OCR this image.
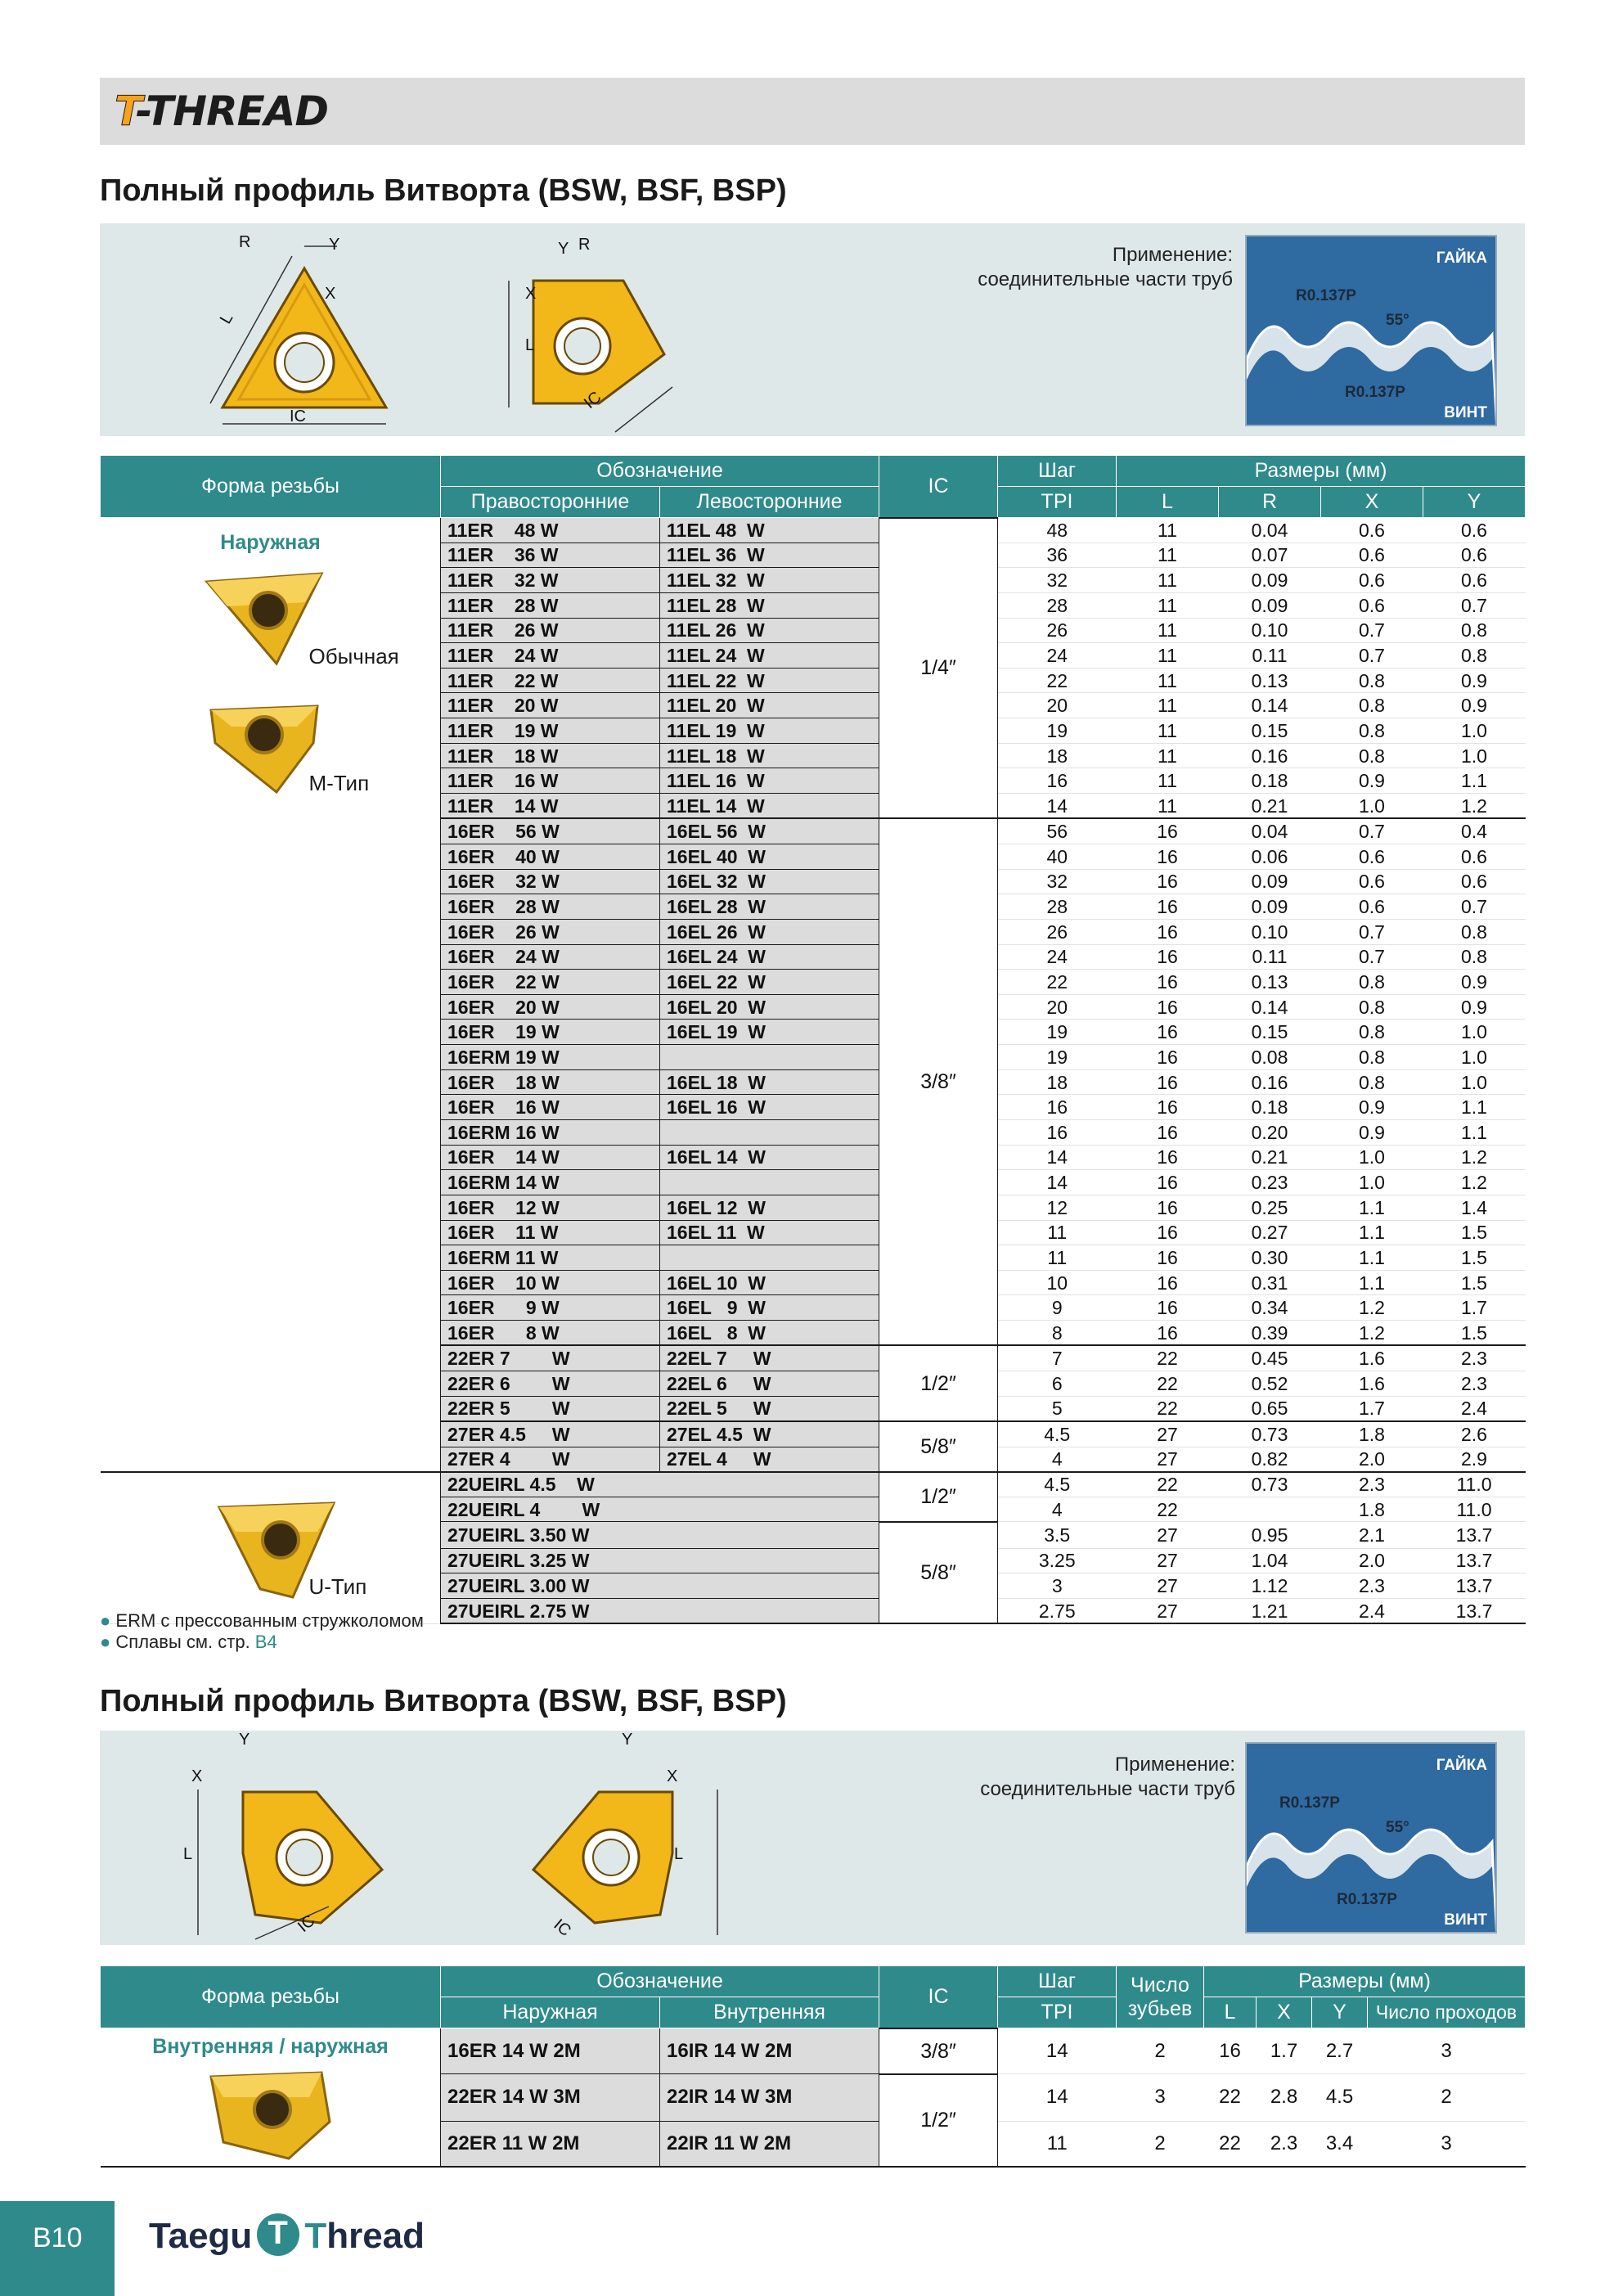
T-THREAD
Полный профиль Витворта (BSW, BSF, BSP)
R	Y
X
L
IC
L
X
Y R
IC
Применение:
соединительные части труб
ГАЙКА
R0.137P
55°
R0.137P
ВИНТ
Форма резьбы	Обозначение		IC	Шаг	Размеры (мм)			
	Правосторонние	Левосторонние		TPI	L	R	X	Y

Наружная
Обычная
M-Тип	11ER    48 W	11EL 48  W	1/4″	48	11	0.04	0.6	0.6
	11ER    36 W	11EL 36  W		36	11	0.07	0.6	0.6
	11ER    32 W	11EL 32  W		32	11	0.09	0.6	0.6
	11ER    28 W	11EL 28  W		28	11	0.09	0.6	0.7
	11ER    26 W	11EL 26  W		26	11	0.10	0.7	0.8
	11ER    24 W	11EL 24  W		24	11	0.11	0.7	0.8
	11ER    22 W	11EL 22  W		22	11	0.13	0.8	0.9
	11ER    20 W	11EL 20  W		20	11	0.14	0.8	0.9
	11ER    19 W	11EL 19  W		19	11	0.15	0.8	1.0
	11ER    18 W	11EL 18  W		18	11	0.16	0.8	1.0
	11ER    16 W	11EL 16  W		16	11	0.18	0.9	1.1
	11ER    14 W	11EL 14  W		14	11	0.21	1.0	1.2
	16ER    56 W	16EL 56  W	3/8″	56	16	0.04	0.7	0.4
	16ER    40 W	16EL 40  W		40	16	0.06	0.6	0.6
	16ER    32 W	16EL 32  W		32	16	0.09	0.6	0.6
	16ER    28 W	16EL 28  W		28	16	0.09	0.6	0.7
	16ER    26 W	16EL 26  W		26	16	0.10	0.7	0.8
	16ER    24 W	16EL 24  W		24	16	0.11	0.7	0.8
	16ER    22 W	16EL 22  W		22	16	0.13	0.8	0.9
	16ER    20 W	16EL 20  W		20	16	0.14	0.8	0.9
	16ER    19 W	16EL 19  W		19	16	0.15	0.8	1.0
	16ERM 19 W			19	16	0.08	0.8	1.0
	16ER    18 W	16EL 18  W		18	16	0.16	0.8	1.0
	16ER    16 W	16EL 16  W		16	16	0.18	0.9	1.1
	16ERM 16 W			16	16	0.20	0.9	1.1
	16ER    14 W	16EL 14  W		14	16	0.21	1.0	1.2
	16ERM 14 W			14	16	0.23	1.0	1.2
	16ER    12 W	16EL 12  W		12	16	0.25	1.1	1.4
	16ER    11 W	16EL 11  W		11	16	0.27	1.1	1.5
	16ERM 11 W			11	16	0.30	1.1	1.5
	16ER    10 W	16EL 10  W		10	16	0.31	1.1	1.5
	16ER      9 W	16EL   9  W		9	16	0.34	1.2	1.7
	16ER      8 W	16EL   8  W		8	16	0.39	1.2	1.5
	22ER 7        W	22EL 7     W	1/2″	7	22	0.45	1.6	2.3
	22ER 6        W	22EL 6     W		6	22	0.52	1.6	2.3
	22ER 5        W	22EL 5     W		5	22	0.65	1.7	2.4
	27ER 4.5     W	27EL 4.5  W	5/8″	4.5	27	0.73	1.8	2.6
	27ER 4        W	27EL 4     W		4	27	0.82	2.0	2.9

U-Тип	22UEIRL 4.5    W		1/2″	4.5	22	0.73	2.3	11.0
	22UEIRL 4        W			4	22		1.8	11.0
	27UEIRL 3.50 W		5/8″	3.5	27	0.95	2.1	13.7
	27UEIRL 3.25 W			3.25	27	1.04	2.0	13.7
	27UEIRL 3.00 W			3	27	1.12	2.3	13.7
	27UEIRL 2.75 W			2.75	27	1.21	2.4	13.7
● ERM с прессованным стружколомом
● Сплавы см. стр. B4
Полный профиль Витворта (BSW, BSF, BSP)
L
X
Y
IC
L
X
Y
IC
Применение:
соединительные части труб
ГАЙКА
R0.137P
55°
R0.137P
ВИНТ
Форма резьбы	Обозначение		IC	Шаг	Число зубьев	Размеры (мм)			
	Наружная	Внутренняя		TPI		L	X	Y	Число проходов

Внутренняя / наружная	16ER 14 W 2M	16IR 14 W 2M	3/8″	14	2	16	1.7	2.7	3
	22ER 14 W 3M	22IR 14 W 3M	1/2″	14	3	22	2.8	4.5	2
	22ER 11 W 2M	22IR 11 W 2M		11	2	22	2.3	3.4	3
B10 Taegu T Thread
